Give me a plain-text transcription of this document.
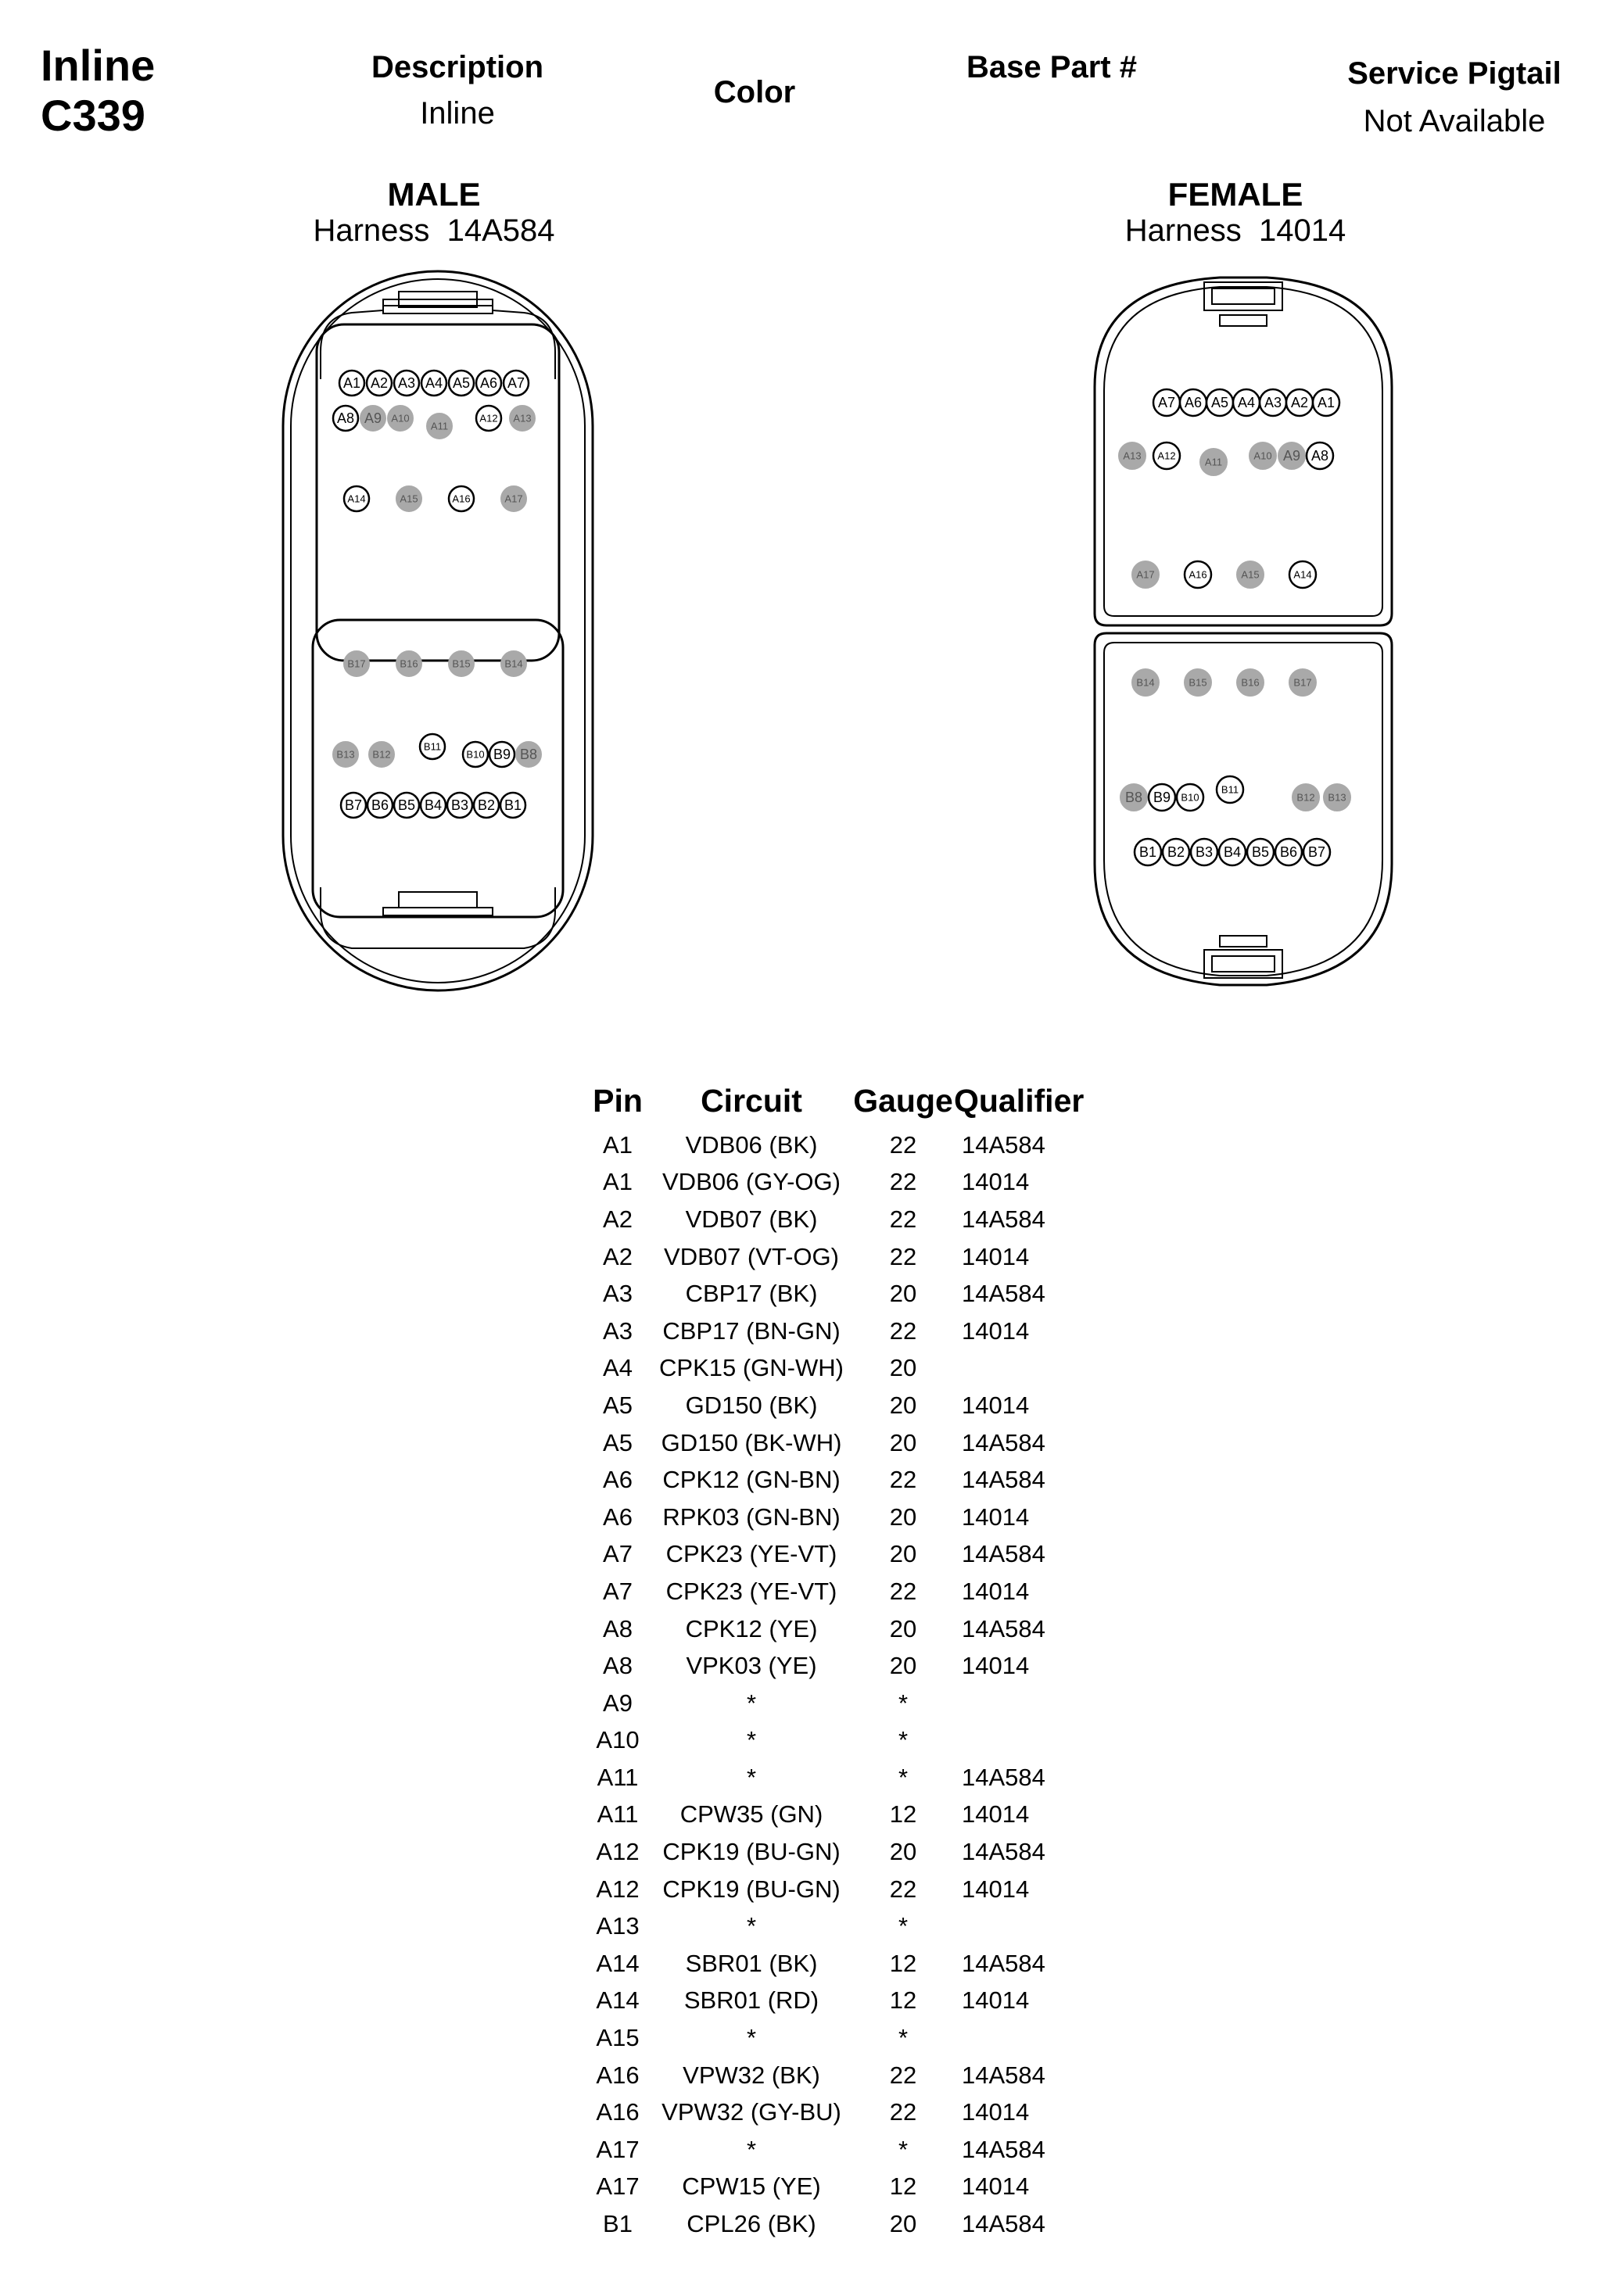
Inline
C339
Description
Inline
Color
Base Part #	Service Pigtail
Not Available
MALE
Harness  14A584
FEMALE
Harness  14014
A1 A2 A3 A4 A5 A6 A7
A8 A9 A10
A11
A12 A13
A14	A15	A16	A17
B17	B16	B15	B14
B13 B12
B11
B10 B9 B8
B7 B6 B5 B4 B3 B2 B1
A7 A6 A5 A4 A3 A2 A1
A13 A12
A11
A10 A9 A8
A17	A16	A15	A14
B14	B15	B16	B17
B8 B9 B10
B11
B12 B13
B1 B2 B3 B4 B5 B6 B7
Pin	Circuit	Gauge	Qualifier
A1	VDB06 (BK)	22	14A584
A1	VDB06 (GY-OG)	22	14014
A2	VDB07 (BK)	22	14A584
A2	VDB07 (VT-OG)	22	14014
A3	CBP17 (BK)	20	14A584
A3	CBP17 (BN-GN)	22	14014
A4	CPK15 (GN-WH)	20	
A5	GD150 (BK)	20	14014
A5	GD150 (BK-WH)	20	14A584
A6	CPK12 (GN-BN)	22	14A584
A6	RPK03 (GN-BN)	20	14014
A7	CPK23 (YE-VT)	20	14A584
A7	CPK23 (YE-VT)	22	14014
A8	CPK12 (YE)	20	14A584
A8	VPK03 (YE)	20	14014
A9	*	*	
A10	*	*	
A11	*	*	14A584
A11	CPW35 (GN)	12	14014
A12	CPK19 (BU-GN)	20	14A584
A12	CPK19 (BU-GN)	22	14014
A13	*	*	
A14	SBR01 (BK)	12	14A584
A14	SBR01 (RD)	12	14014
A15	*	*	
A16	VPW32 (BK)	22	14A584
A16	VPW32 (GY-BU)	22	14014
A17	*	*	14A584
A17	CPW15 (YE)	12	14014
B1	CPL26 (BK)	20	14A584
